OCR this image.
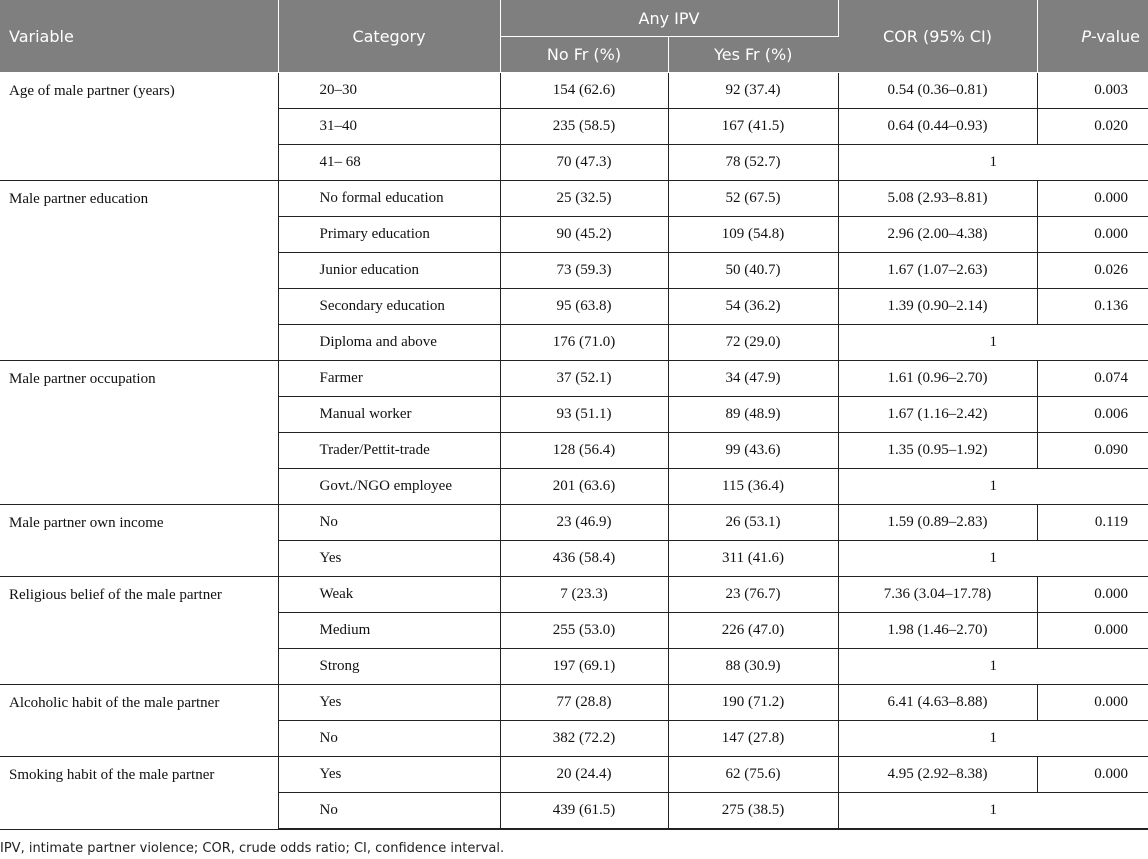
Variable	Category	Any IPV		COR (95% CI)	P-value
		No Fr (%)	Yes Fr (%)		
Age of male partner (years)	20–30	154 (62.6)	92 (37.4)	0.54 (0.36–0.81)	0.003
	31–40	235 (58.5)	167 (41.5)	0.64 (0.44–0.93)	0.020
	41– 68	70 (47.3)	78 (52.7)	1	
Male partner education	No formal education	25 (32.5)	52 (67.5)	5.08 (2.93–8.81)	0.000
	Primary education	90 (45.2)	109 (54.8)	2.96 (2.00–4.38)	0.000
	Junior education	73 (59.3)	50 (40.7)	1.67 (1.07–2.63)	0.026
	Secondary education	95 (63.8)	54 (36.2)	1.39 (0.90–2.14)	0.136
	Diploma and above	176 (71.0)	72 (29.0)	1	
Male partner occupation	Farmer	37 (52.1)	34 (47.9)	1.61 (0.96–2.70)	0.074
	Manual worker	93 (51.1)	89 (48.9)	1.67 (1.16–2.42)	0.006
	Trader/Pettit-trade	128 (56.4)	99 (43.6)	1.35 (0.95–1.92)	0.090
	Govt./NGO employee	201 (63.6)	115 (36.4)	1	
Male partner own income	No	23 (46.9)	26 (53.1)	1.59 (0.89–2.83)	0.119
	Yes	436 (58.4)	311 (41.6)	1	
Religious belief of the male partner	Weak	7 (23.3)	23 (76.7)	7.36 (3.04–17.78)	0.000
	Medium	255 (53.0)	226 (47.0)	1.98 (1.46–2.70)	0.000
	Strong	197 (69.1)	88 (30.9)	1	
Alcoholic habit of the male partner	Yes	77 (28.8)	190 (71.2)	6.41 (4.63–8.88)	0.000
	No	382 (72.2)	147 (27.8)	1	
Smoking habit of the male partner	Yes	20 (24.4)	62 (75.6)	4.95 (2.92–8.38)	0.000
	No	439 (61.5)	275 (38.5)	1	
IPV, intimate partner violence; COR, crude odds ratio; CI, confidence interval.
